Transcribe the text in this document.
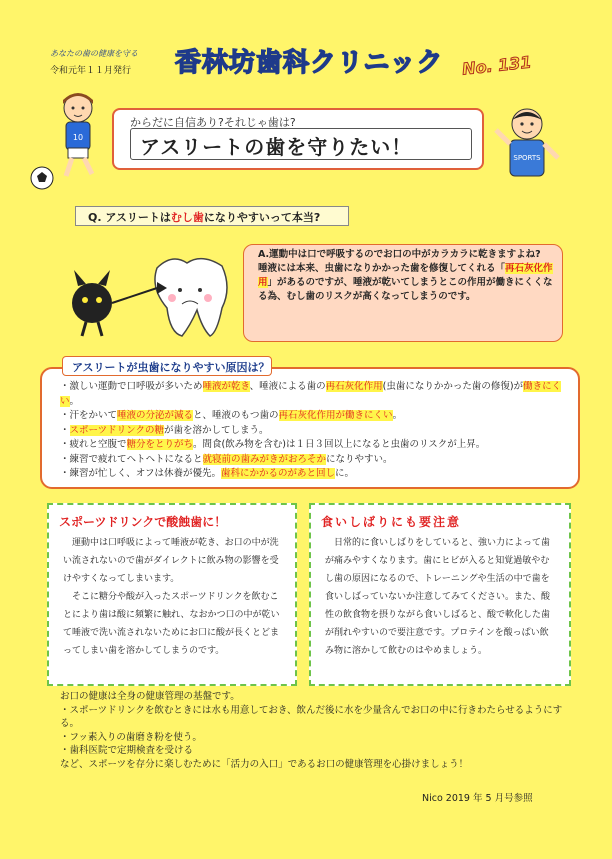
あなたの歯の健康を守る
令和元年１１月発行 香林坊歯科クリニック No. 131
10
SPORTS
からだに自信あり?それじゃ歯は?
アスリートの歯を守りたい！
Q. アスリートはむし歯になりやすいって本当?
A.運動中は口で呼吸するのでお口の中がカラカラに乾きますよね?
唾液には本来、虫歯になりかかった歯を修復してくれる「再石灰化作用」があるのですが、唾液が乾いてしまうとこの作用が働きにくくなる為、むし歯のリスクが高くなってしまうのです。
アスリートが虫歯になりやすい原因は？
・激しい運動で口呼吸が多いため唾液が乾き、唾液による歯の再石灰化作用(虫歯になりかかった歯の修復)が働きにくい。
・汗をかいて唾液の分泌が減ると、唾液のもつ歯の再石灰化作用が働きにくい。
・スポーツドリンクの糖が歯を溶かしてしまう。
・疲れと空腹で糖分をとりがち。間食(飲み物を含む)は１日３回以上になると虫歯のリスクが上昇。
・練習で疲れてヘトヘトになると就寝前の歯みがきがおろそかになりやすい。
・練習が忙しく、オフは休養が優先。歯科にかかるのがあと回しに。
スポーツドリンクで酸蝕歯に！

運動中は口呼吸によって唾液が乾き、お口の中が洗い流されないので歯がダイレクトに飲み物の影響を受けやすくなってしまいます。

そこに糖分や酸が入ったスポーツドリンクを飲むことにより歯は酸に頻繁に触れ、なおかつ口の中が乾いて唾液で洗い流されないためにお口に酸が長くとどまってしまい歯を溶かしてしまうのです。

食いしばりにも要注意

日常的に食いしばりをしていると、強い力によって歯が痛みやすくなります。歯にヒビが入ると知覚過敏やむし歯の原因になるので、トレーニングや生活の中で歯を食いしばっていないか注意してみてください。また、酸性の飲食物を摂りながら食いしばると、酸で軟化した歯が削れやすいので要注意です。プロテインを酸っぱい飲み物に溶かして飲むのはやめましょう。

お口の健康は全身の健康管理の基盤です。
・スポーツドリンクを飲むときには水も用意しておき、飲んだ後に水を少量含んでお口の中に行きわたらせるようにする。
・フッ素入りの歯磨き粉を使う。
・歯科医院で定期検査を受ける
など、スポーツを存分に楽しむために「活力の入口」であるお口の健康管理を心掛けましょう！
Nico 2019 年 5 月号参照
